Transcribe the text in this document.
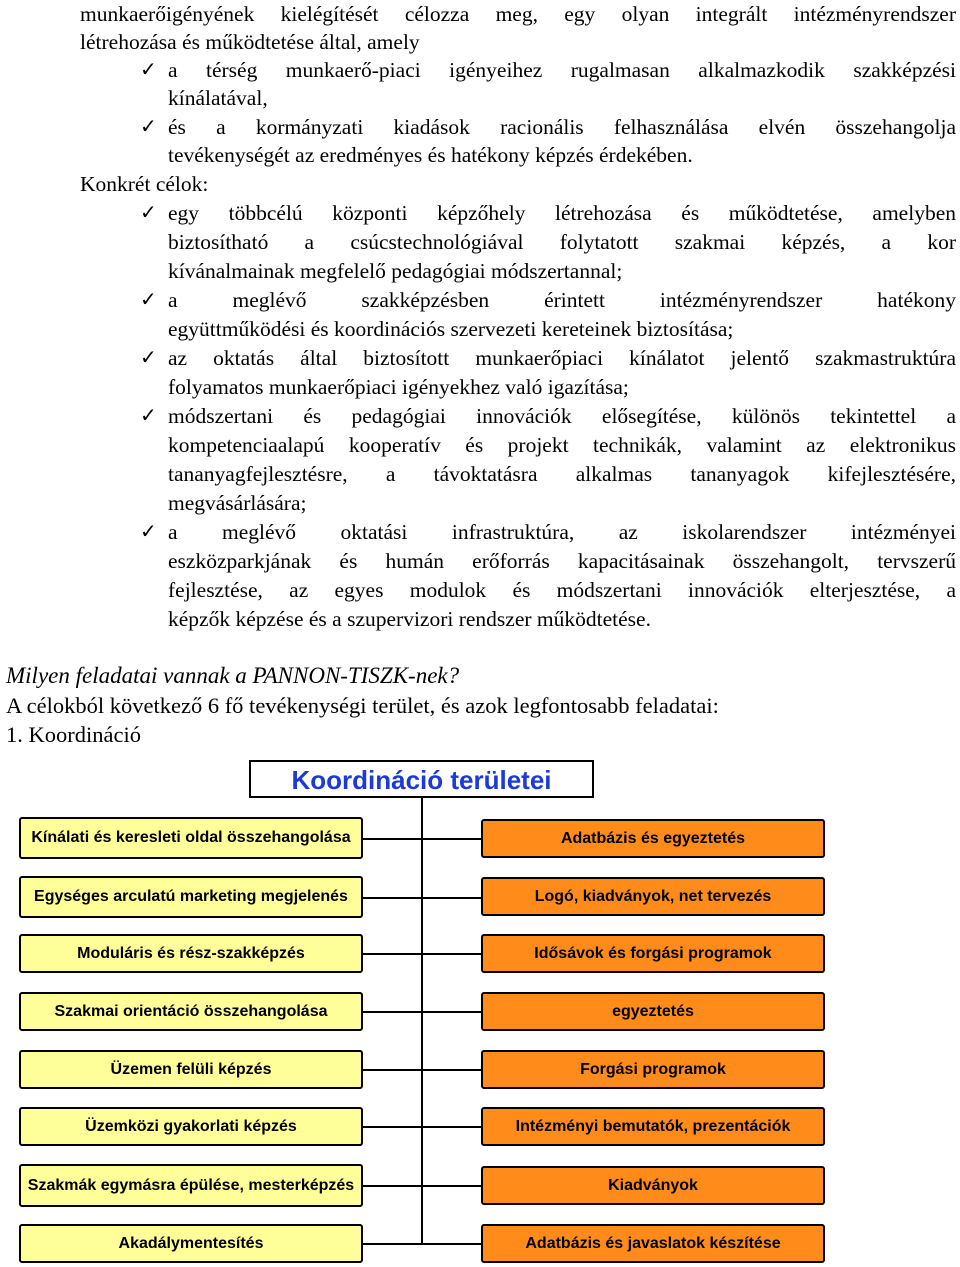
munkaerőigényének kielégítését célozza meg, egy olyan integrált intézményrendszer
létrehozása és működtetése által, amely
✓ a térség munkaerő-piaci igényeihez rugalmasan alkalmazkodik szakképzési
kínálatával,
✓ és a kormányzati kiadások racionális felhasználása elvén összehangolja
tevékenységét az eredményes és hatékony képzés érdekében.
Konkrét célok:
✓ egy többcélú központi képzőhely létrehozása és működtetése, amelyben
biztosítható a csúcstechnológiával folytatott szakmai képzés, a kor
kívánalmainak megfelelő pedagógiai módszertannal;
✓ a meglévő szakképzésben érintett intézményrendszer hatékony
együttműködési és koordinációs szervezeti kereteinek biztosítása;
✓ az oktatás által biztosított munkaerőpiaci kínálatot jelentő szakmastruktúra
folyamatos munkaerőpiaci igényekhez való igazítása;
✓ módszertani és pedagógiai innovációk elősegítése, különös tekintettel a
kompetenciaalapú kooperatív és projekt technikák, valamint az elektronikus
tananyagfejlesztésre, a távoktatásra alkalmas tananyagok kifejlesztésére,
megvásárlására;
✓ a meglévő oktatási infrastruktúra, az iskolarendszer intézményei
eszközparkjának és humán erőforrás kapacitásainak összehangolt, tervszerű
fejlesztése, az egyes modulok és módszertani innovációk elterjesztése, a
képzők képzése és a szupervizori rendszer működtetése.
Milyen feladatai vannak a PANNON-TISZK-nek?
A célokból következő 6 fő tevékenységi terület, és azok legfontosabb feladatai:
1. Koordináció
Koordináció területei
Kínálati és keresleti oldal összehangolása
Egységes arculatú marketing megjelenés
Moduláris és rész-szakképzés
Szakmai orientáció összehangolása
Üzemen felüli képzés
Üzemközi gyakorlati képzés
Szakmák egymásra épülése, mesterképzés
Akadálymentesítés
Adatbázis és egyeztetés
Logó, kiadványok, net tervezés
Idősávok és forgási programok
egyeztetés
Forgási programok
Intézményi bemutatók, prezentációk
Kiadványok
Adatbázis és javaslatok készítése
